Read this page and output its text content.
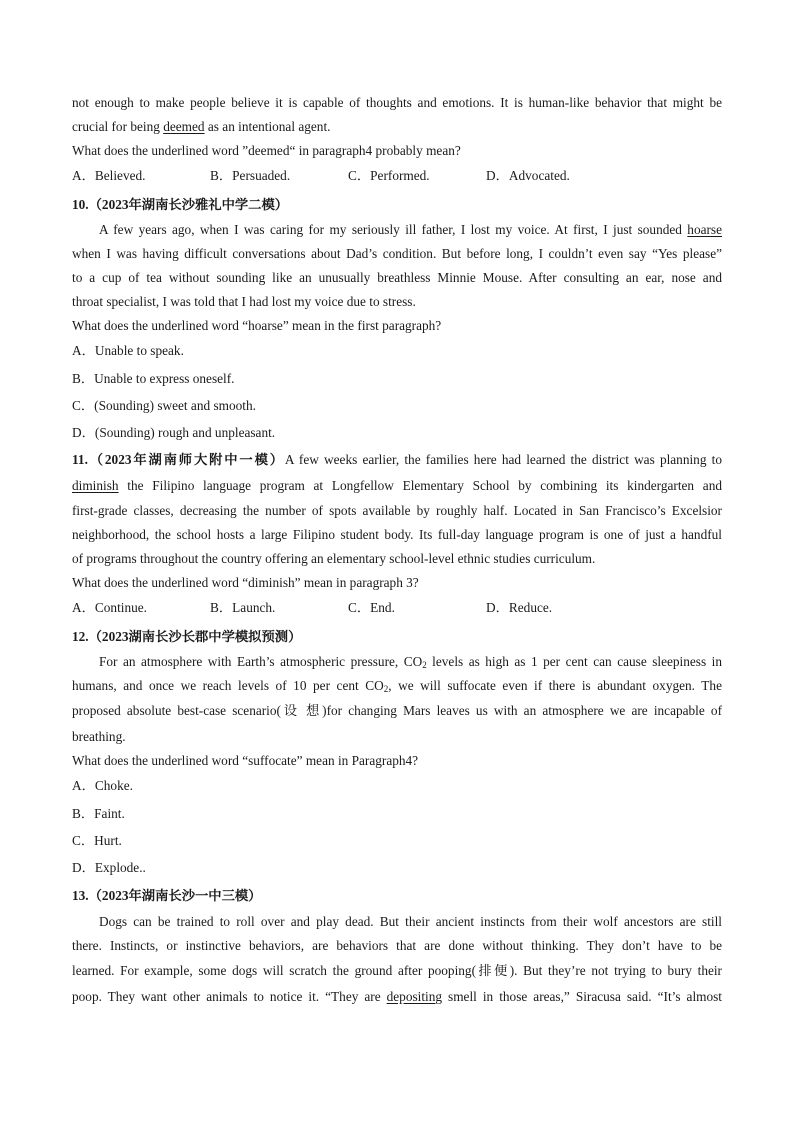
not enough to make people believe it is capable of thoughts and emotions. It is human-like behavior that might be
crucial for being deemed as an intentional agent.
What does the underlined word ”deemed“ in paragraph4 probably mean?
A．Believed.	B．Persuaded.	C．Performed.	D．Advocated.
10.（2023年湖南长沙雅礼中学二模）
A few years ago, when I was caring for my seriously ill father, I lost my voice. At first, I just sounded hoarse
when I was having difficult conversations about Dad’s condition. But before long, I couldn’t even say “Yes please”
to a cup of tea without sounding like an unusually breathless Minnie Mouse. After consulting an ear, nose and
throat specialist, I was told that I had lost my voice due to stress.
What does the underlined word “hoarse” mean in the first paragraph?
A．Unable to speak.
B．Unable to express oneself.
C．(Sounding) sweet and smooth.
D．(Sounding) rough and unpleasant.
11.（2023年湖南师大附中一模）A few weeks earlier, the families here had learned the district was planning to
diminish the Filipino language program at Longfellow Elementary School by combining its kindergarten and
first-grade classes, decreasing the number of spots available by roughly half. Located in San Francisco’s Excelsior
neighborhood, the school hosts a large Filipino student body. Its full-day language program is one of just a handful
of programs throughout the country offering an elementary school-level ethnic studies curriculum.
What does the underlined word “diminish” mean in paragraph 3?
A．Continue.	B．Launch.	C．End.	D．Reduce.
12.（2023湖南长沙长郡中学模拟预测）
For an atmosphere with Earth’s atmospheric pressure, $CO_2$ levels as high as 1 per cent can cause sleepiness in
humans, and once we reach levels of 10 per cent $CO_2$, we will suffocate even if there is abundant oxygen. The
proposed absolute best-case scenario(设 想)for changing Mars leaves us with an atmosphere we are incapable of
breathing.
What does the underlined word “suffocate” mean in Paragraph4?
A．Choke.
B．Faint.
C．Hurt.
D．Explode..
13.（2023年湖南长沙一中三模）
Dogs can be trained to roll over and play dead. But their ancient instincts from their wolf ancestors are still
there. Instincts, or instinctive behaviors, are behaviors that are done without thinking. They don’t have to be
learned. For example, some dogs will scratch the ground after pooping(排便). But they’re not trying to bury their
poop. They want other animals to notice it. “They are depositing smell in those areas,” Siracusa said. “It’s almost
